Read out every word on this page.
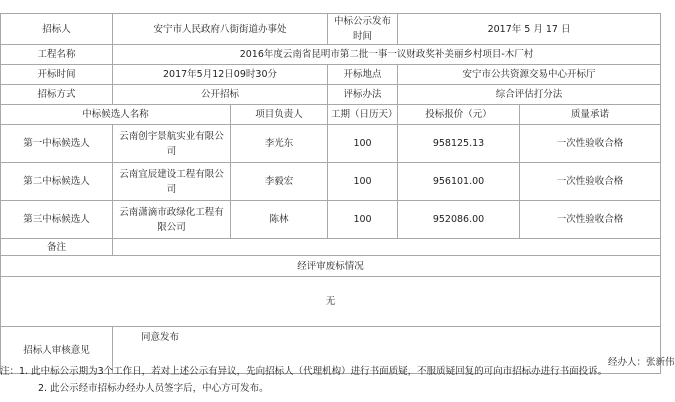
招标人	安宁市人民政府八街街道办事处		中标公示发布时间	2017年 5 月 17 日	
工程名称	2016年度云南省昆明市第二批一事一议财政奖补美丽乡村项目-木厂村				
开标时间	2017年5月12日09时30分		开标地点	安宁市公共资源交易中心开标厅	
招标方式	公开招标		评标办法	综合评估打分法	
中标候选人名称		项目负责人	工期（日历天）	投标报价（元）	质量承诺
第一中标候选人	云南创宇景航实业有限公司	李光东	100	958125.13	一次性验收合格
第二中标候选人	云南宜辰建设工程有限公司	李毅宏	100	956101.00	一次性验收合格
第三中标候选人	云南潇滴市政绿化工程有限公司	陈林	100	952086.00	一次性验收合格
备注					
经评审废标情况					
无					
招标人审核意见	同意发布
经办人：张新伟				
注：1. 此中标公示期为3个工作日，若对上述公示有异议，先向招标人（代理机构）进行书面质疑，不服质疑回复的可向市招标办进行书面投诉。
2. 此公示经市招标办经办人员签字后，中心方可发布。
